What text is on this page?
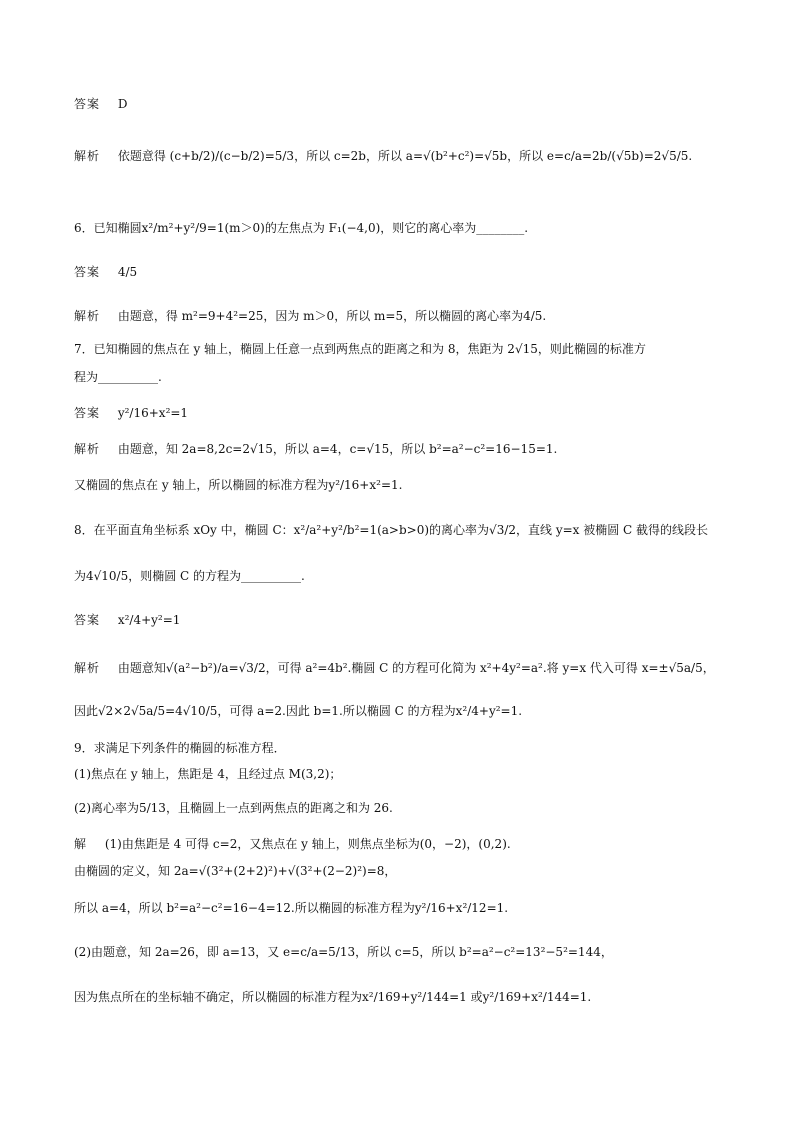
答案 D
解析 依题意得 (c+b/2)/(c−b/2)=5/3，所以 c=2b，所以 a=√(b²+c²)=√5b，所以 e=c/a=2b/(√5b)=2√5/5.
6．已知椭圆x²/m²+y²/9=1(m＞0)的左焦点为 F₁(−4,0)，则它的离心率为________.
答案 4/5
解析 由题意，得 m²=9+4²=25，因为 m＞0，所以 m=5，所以椭圆的离心率为4/5.
7．已知椭圆的焦点在 y 轴上，椭圆上任意一点到两焦点的距离之和为 8，焦距为 2√15，则此椭圆的标准方
程为__________.
答案 y²/16+x²=1
解析 由题意，知 2a=8,2c=2√15，所以 a=4，c=√15，所以 b²=a²−c²=16−15=1.
又椭圆的焦点在 y 轴上，所以椭圆的标准方程为y²/16+x²=1.
8．在平面直角坐标系 xOy 中，椭圆 C：x²/a²+y²/b²=1(a>b>0)的离心率为√3/2，直线 y=x 被椭圆 C 截得的线段长
为4√10/5，则椭圆 C 的方程为__________.
答案 x²/4+y²=1
解析 由题意知√(a²−b²)/a=√3/2，可得 a²=4b².椭圆 C 的方程可化简为 x²+4y²=a².将 y=x 代入可得 x=±√5a/5，
因此√2×2√5a/5=4√10/5，可得 a=2.因此 b=1.所以椭圆 C 的方程为x²/4+y²=1.
9．求满足下列条件的椭圆的标准方程．
(1)焦点在 y 轴上，焦距是 4，且经过点 M(3,2)；
(2)离心率为5/13，且椭圆上一点到两焦点的距离之和为 26.
解 (1)由焦距是 4 可得 c=2，又焦点在 y 轴上，则焦点坐标为(0，−2)，(0,2).
由椭圆的定义，知 2a=√(3²+(2+2)²)+√(3²+(2−2)²)=8，
所以 a=4，所以 b²=a²−c²=16−4=12.所以椭圆的标准方程为y²/16+x²/12=1.
(2)由题意，知 2a=26，即 a=13，又 e=c/a=5/13，所以 c=5，所以 b²=a²−c²=13²−5²=144，
因为焦点所在的坐标轴不确定，所以椭圆的标准方程为x²/169+y²/144=1 或y²/169+x²/144=1.
